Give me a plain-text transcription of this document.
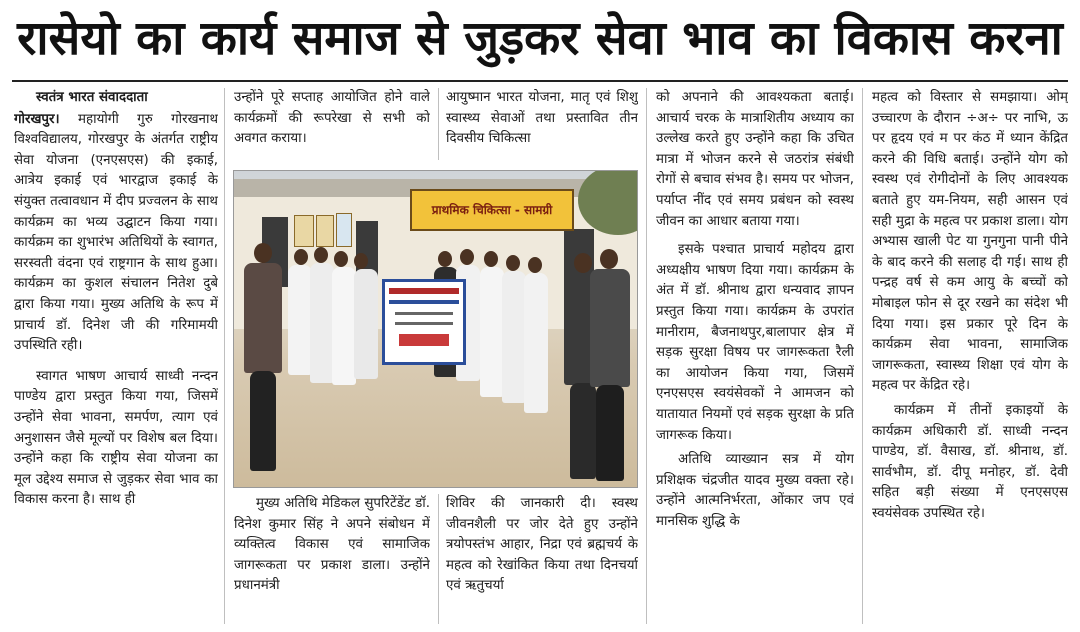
रासेयो का कार्य समाज से जुड़कर सेवा भाव का विकास करना

स्वतंत्र भारत संवाददाता

गोरखपुर। महायोगी गुरु गोरखनाथ विश्वविद्यालय, गोरखपुर के अंतर्गत राष्ट्रीय सेवा योजना (एनएसएस) की इकाई, आत्रेय इकाई एवं भारद्वाज इकाई के संयुक्त तत्वावधान में दीप प्रज्वलन के साथ कार्यक्रम का भव्य उद्घाटन किया गया। कार्यक्रम का शुभारंभ अतिथियों के स्वागत, सरस्वती वंदना एवं राष्ट्रगान के साथ हुआ। कार्यक्रम का कुशल संचालन नितेश दुबे द्वारा किया गया। मुख्य अतिथि के रूप में प्राचार्य डॉ. दिनेश जी की गरिमामयी उपस्थिति रही।

स्वागत भाषण आचार्य साध्वी नन्दन पाण्डेय द्वारा प्रस्तुत किया गया, जिसमें उन्होंने सेवा भावना, समर्पण, त्याग एवं अनुशासन जैसे मूल्यों पर विशेष बल दिया। उन्होंने कहा कि राष्ट्रीय सेवा योजना का मूल उद्देश्य समाज से जुड़कर सेवा भाव का विकास करना है। साथ ही

उन्होंने पूरे सप्ताह आयोजित होने वाले कार्यक्रमों की रूपरेखा से सभी को अवगत कराया।

आयुष्मान भारत योजना, मातृ एवं शिशु स्वास्थ्य सेवाओं तथा प्रस्तावित तीन दिवसीय चिकित्सा

प्राथमिक चिकित्सा - सामग्री

मुख्य अतिथि मेडिकल सुपरिटेंडेंट डॉ. दिनेश कुमार सिंह ने अपने संबोधन में व्यक्तित्व विकास एवं सामाजिक जागरूकता पर प्रकाश डाला। उन्होंने प्रधानमंत्री

शिविर की जानकारी दी। स्वस्थ जीवनशैली पर जोर देते हुए उन्होंने त्रयोपस्तंभ आहार, निद्रा एवं ब्रह्मचर्य के महत्व को रेखांकित किया तथा दिनचर्या एवं ऋतुचर्या

को अपनाने की आवश्यकता बताई। आचार्य चरक के मात्राशितीय अध्याय का उल्लेख करते हुए उन्होंने कहा कि उचित मात्रा में भोजन करने से जठरांत्र संबंधी रोगों से बचाव संभव है। समय पर भोजन, पर्याप्त नींद एवं समय प्रबंधन को स्वस्थ जीवन का आधार बताया गया।

इसके पश्चात प्राचार्य महोदय द्वारा अध्यक्षीय भाषण दिया गया। कार्यक्रम के अंत में डॉ. श्रीनाथ द्वारा धन्यवाद ज्ञापन प्रस्तुत किया गया। कार्यक्रम के उपरांत मानीराम, बैजनाथपुर,बालापार क्षेत्र में सड़क सुरक्षा विषय पर जागरूकता रैली का आयोजन किया गया, जिसमें एनएसएस स्वयंसेवकों ने आमजन को यातायात नियमों एवं सड़क सुरक्षा के प्रति जागरूक किया।

अतिथि व्याख्यान सत्र में योग प्रशिक्षक चंद्रजीत यादव मुख्य वक्ता रहे। उन्होंने आत्मनिर्भरता, ओंकार जप एवं मानसिक शुद्धि के

महत्व को विस्तार से समझाया। ओम् उच्चारण के दौरान ÷अ÷ पर नाभि, ऊ पर हृदय एवं म पर कंठ में ध्यान केंद्रित करने की विधि बताई। उन्होंने योग को स्वस्थ एवं रोगीदोनों के लिए आवश्यक बताते हुए यम-नियम, सही आसन एवं सही मुद्रा के महत्व पर प्रकाश डाला। योग अभ्यास खाली पेट या गुनगुना पानी पीने के बाद करने की सलाह दी गई। साथ ही पन्द्रह वर्ष से कम आयु के बच्चों को मोबाइल फोन से दूर रखने का संदेश भी दिया गया। इस प्रकार पूरे दिन के कार्यक्रम सेवा भावना, सामाजिक जागरूकता, स्वास्थ्य शिक्षा एवं योग के महत्व पर केंद्रित रहे।

कार्यक्रम में तीनों इकाइयों के कार्यक्रम अधिकारी डॉ. साध्वी नन्दन पाण्डेय, डॉ. वैसाख, डॉ. श्रीनाथ, डॉ. सार्वभौम, डॉ. दीपू मनोहर, डॉ. देवी सहित बड़ी संख्या में एनएसएस स्वयंसेवक उपस्थित रहे।
